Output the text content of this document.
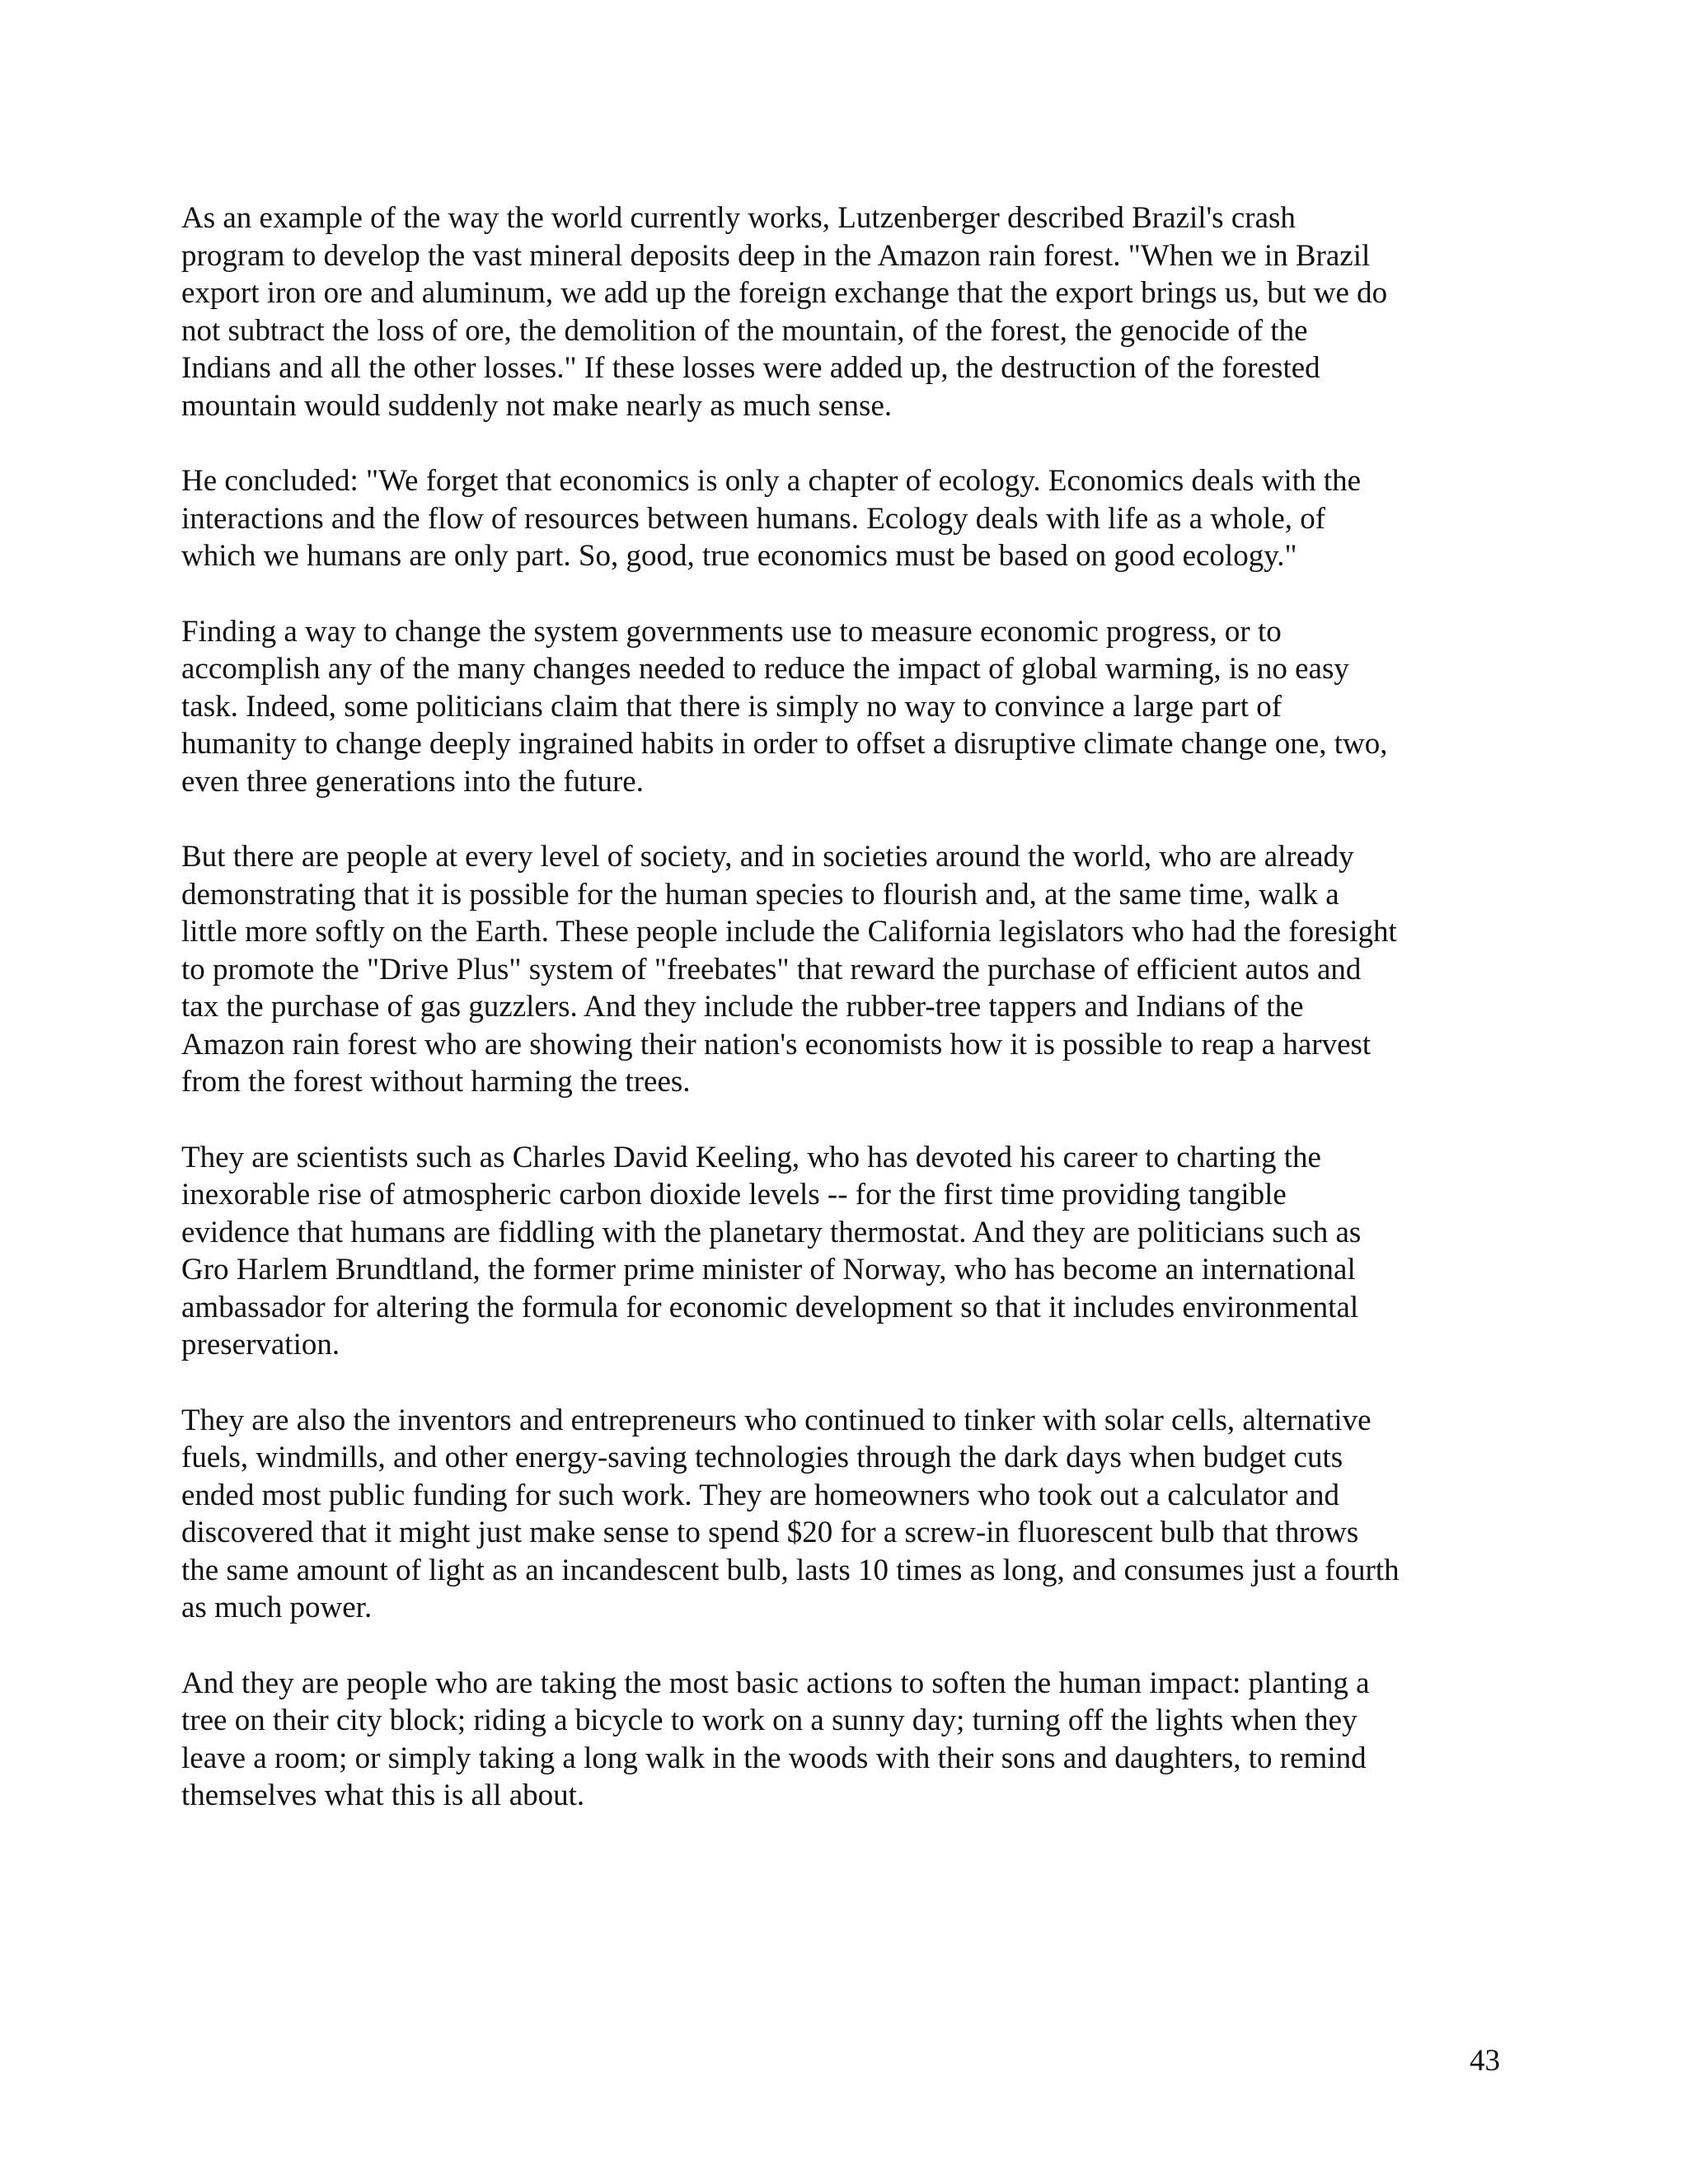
As an example of the way the world currently works, Lutzenberger described Brazil's crash
program to develop the vast mineral deposits deep in the Amazon rain forest. "When we in Brazil
export iron ore and aluminum, we add up the foreign exchange that the export brings us, but we do
not subtract the loss of ore, the demolition of the mountain, of the forest, the genocide of the
Indians and all the other losses." If these losses were added up, the destruction of the forested
mountain would suddenly not make nearly as much sense.

He concluded: "We forget that economics is only a chapter of ecology. Economics deals with the
interactions and the flow of resources between humans. Ecology deals with life as a whole, of
which we humans are only part. So, good, true economics must be based on good ecology."

Finding a way to change the system governments use to measure economic progress, or to
accomplish any of the many changes needed to reduce the impact of global warming, is no easy
task. Indeed, some politicians claim that there is simply no way to convince a large part of
humanity to change deeply ingrained habits in order to offset a disruptive climate change one, two,
even three generations into the future.

But there are people at every level of society, and in societies around the world, who are already
demonstrating that it is possible for the human species to flourish and, at the same time, walk a
little more softly on the Earth. These people include the California legislators who had the foresight
to promote the "Drive Plus" system of "freebates" that reward the purchase of efficient autos and
tax the purchase of gas guzzlers. And they include the rubber-tree tappers and Indians of the
Amazon rain forest who are showing their nation's economists how it is possible to reap a harvest
from the forest without harming the trees.

They are scientists such as Charles David Keeling, who has devoted his career to charting the
inexorable rise of atmospheric carbon dioxide levels -- for the first time providing tangible
evidence that humans are fiddling with the planetary thermostat. And they are politicians such as
Gro Harlem Brundtland, the former prime minister of Norway, who has become an international
ambassador for altering the formula for economic development so that it includes environmental
preservation.

They are also the inventors and entrepreneurs who continued to tinker with solar cells, alternative
fuels, windmills, and other energy-saving technologies through the dark days when budget cuts
ended most public funding for such work. They are homeowners who took out a calculator and
discovered that it might just make sense to spend $20 for a screw-in fluorescent bulb that throws
the same amount of light as an incandescent bulb, lasts 10 times as long, and consumes just a fourth
as much power.

And they are people who are taking the most basic actions to soften the human impact: planting a
tree on their city block; riding a bicycle to work on a sunny day; turning off the lights when they
leave a room; or simply taking a long walk in the woods with their sons and daughters, to remind
themselves what this is all about.

43
